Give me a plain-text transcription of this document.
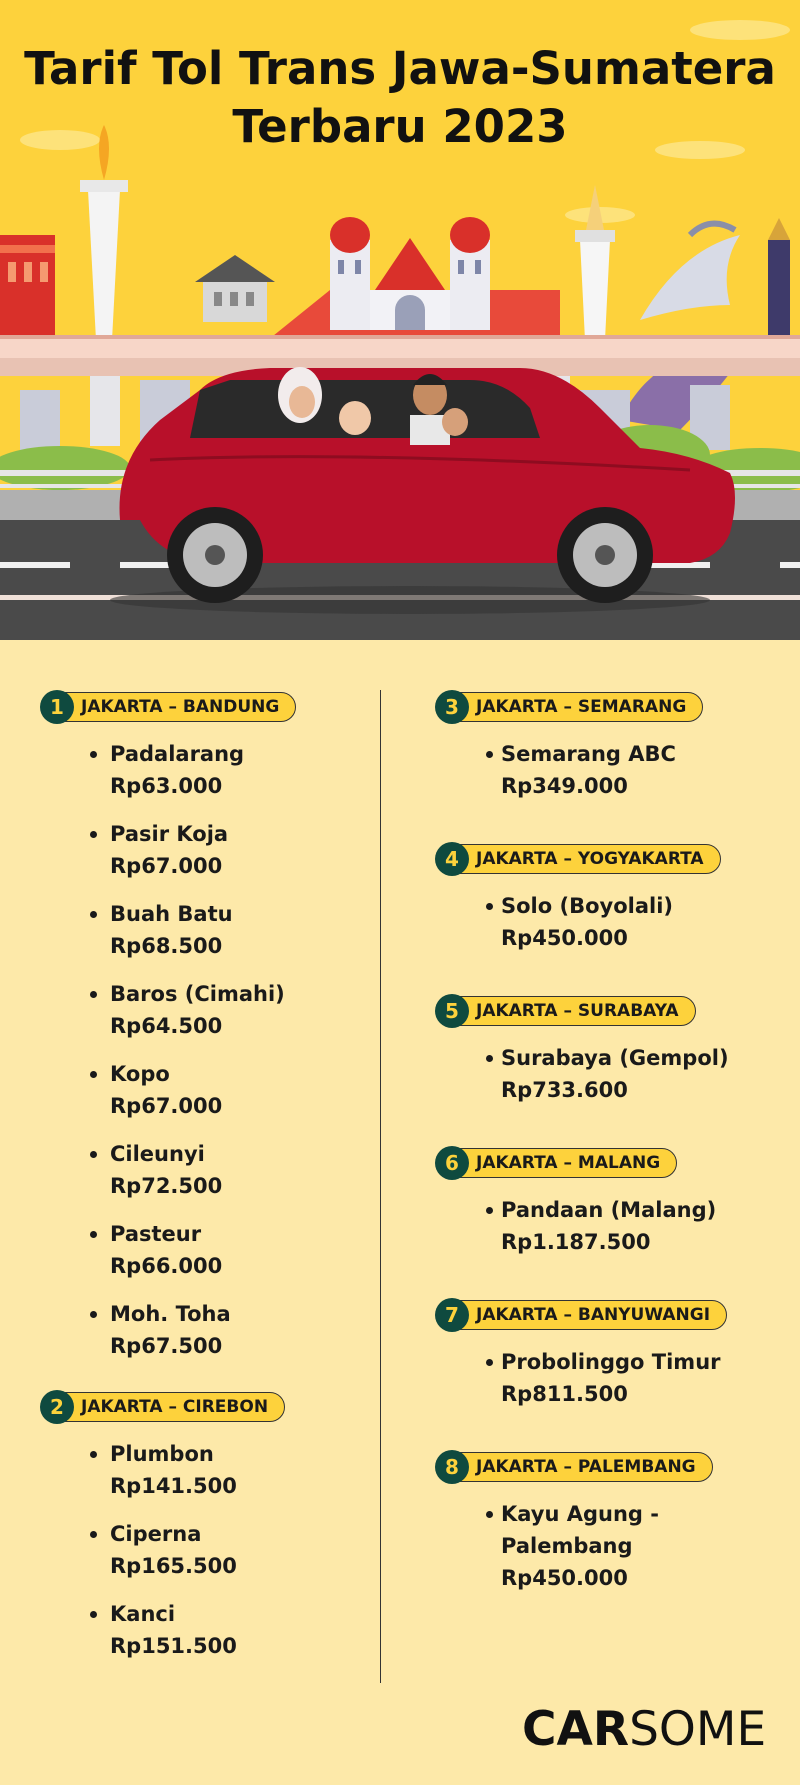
Tarif Tol Trans Jawa-Sumatera
Terbaru 2023
1	JAKARTA – BANDUNG
Padalarang
Rp63.000
Pasir Koja
Rp67.000
Buah Batu
Rp68.500
Baros (Cimahi)
Rp64.500
Kopo
Rp67.000
Cileunyi
Rp72.500
Pasteur
Rp66.000
Moh. Toha
Rp67.500
2	JAKARTA – CIREBON
Plumbon
Rp141.500
Ciperna
Rp165.500
Kanci
Rp151.500
3	JAKARTA – SEMARANG
Semarang ABC
Rp349.000
4	JAKARTA – YOGYAKARTA
Solo (Boyolali)
Rp450.000
5	JAKARTA – SURABAYA
Surabaya (Gempol)
Rp733.600
6	JAKARTA – MALANG
Pandaan (Malang)
Rp1.187.500
7	JAKARTA – BANYUWANGI
Probolinggo Timur
Rp811.500
8	JAKARTA – PALEMBANG
Kayu Agung - Palembang
Rp450.000
CARSOME
